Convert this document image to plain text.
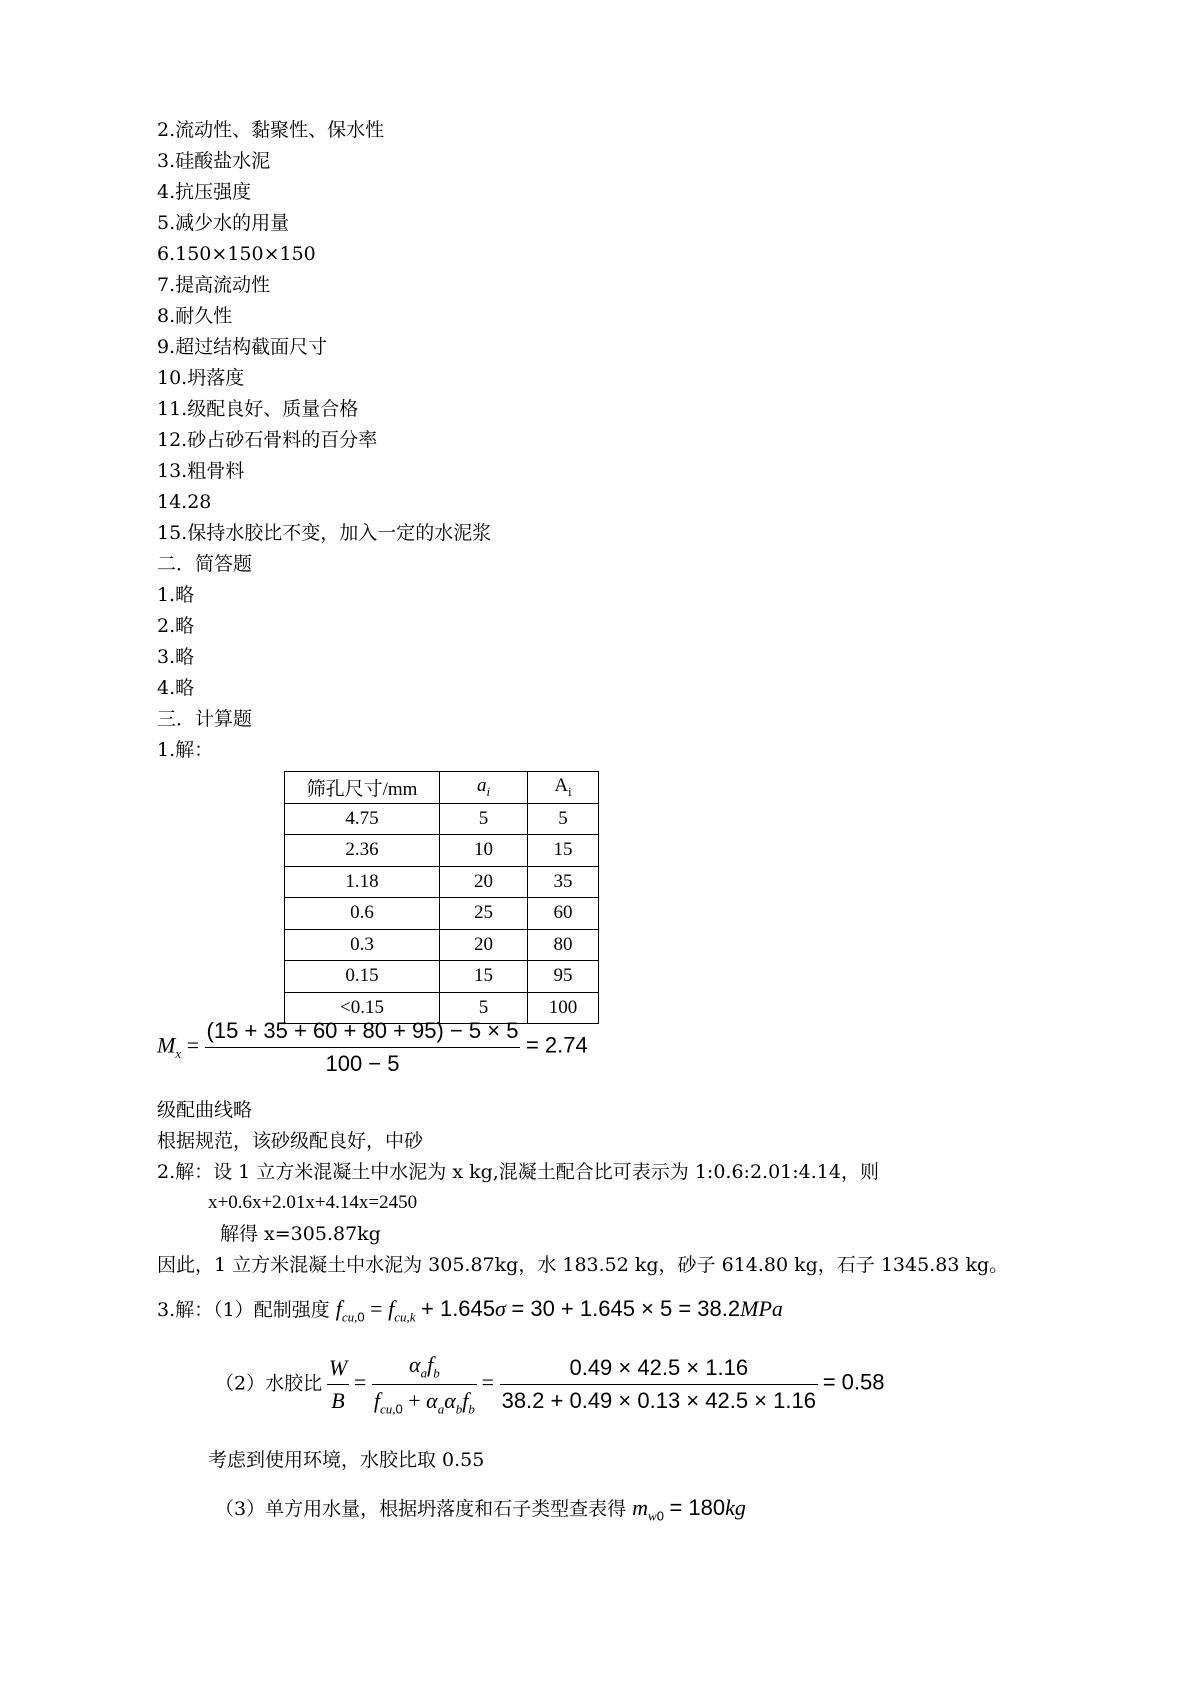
2.流动性、黏聚性、保水性
3.硅酸盐水泥
4.抗压强度
5.减少水的用量
6.150×150×150
7.提高流动性
8.耐久性
9.超过结构截面尺寸
10.坍落度
11.级配良好、质量合格
12.砂占砂石骨料的百分率
13.粗骨料
14.28
15.保持水胶比不变，加入一定的水泥浆
二．简答题
1.略
2.略
3.略
4.略
三．计算题
1.解：
筛孔尺寸/mm	$a_i$	$A_i$
4.75	5	5
2.36	10	15
1.18	20	35
0.6	25	60
0.3	20	80
0.15	15	95
<0.15	5	100
$M_x = \frac{(15 + 35 + 60 + 80 + 95) - 5 \times 5}{100 - 5} = 2.74$
级配曲线略
根据规范，该砂级配良好，中砂
2.解：设 1 立方米混凝土中水泥为 x kg,混凝土配合比可表示为 1:0.6:2.01:4.14，则
x+0.6x+2.01x+4.14x=2450
解得 x=305.87kg
因此，1 立方米混凝土中水泥为 305.87kg，水 183.52 kg，砂子 614.80 kg，石子 1345.83 kg。
3.解：（1）配制强度 $f_{cu,0} = f_{cu,k} + 1.645\sigma = 30 + 1.645 \times 5 = 38.2MPa$
（2）水胶比 $\frac{W}{B} = \frac{\alpha_af_b}{f_{cu,0} + \alpha_a\alpha_bf_b} = \frac{0.49 \times 42.5 \times 1.16}{38.2 + 0.49 \times 0.13 \times 42.5 \times 1.16} = 0.58$
考虑到使用环境，水胶比取 0.55
（3）单方用水量，根据坍落度和石子类型查表得 $m_{w0} = 180kg$
